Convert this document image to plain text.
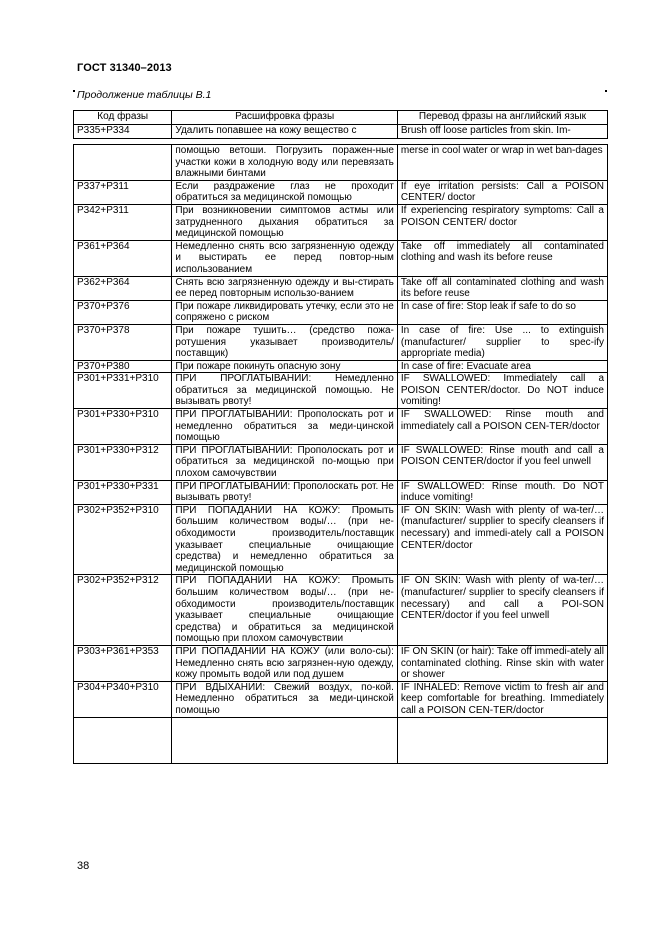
ГОСТ 31340–2013
Продолжение таблицы В.1
Код фразы	Расшифровка фразы	Перевод фразы на английский язык
P335+P334	Удалить попавшее на кожу вещество с	Brush off loose particles from skin. Im-
	помощью ветоши. Погрузить поражен-ные участки кожи в холодную воду или перевязать влажными бинтами	merse in cool water or wrap in wet ban-dages
P337+P311	Если раздражение глаз не проходит обратиться за медицинской помощью	If eye irritation persists: Call a POISON CENTER/ doctor
P342+P311	При возникновении симптомов астмы или затрудненного дыхания обратиться за медицинской помощью	If experiencing respiratory symptoms: Call a POISON CENTER/ doctor
P361+P364	Немедленно снять всю загрязненную одежду и выстирать ее перед повтор-ным использованием	Take off immediately all contaminated clothing and wash its before reuse
P362+P364	Снять всю загрязненную одежду и вы-стирать ее перед повторным использо-ванием	Take off all contaminated clothing and wash its before reuse
P370+P376	При пожаре ликвидировать утечку, если это не сопряжено с риском	In case of fire: Stop leak if safe to do so
P370+P378	При пожаре тушить… (средство пожа-ротушения указывает производитель/ поставщик)	In case of fire: Use ... to extinguish (manufacturer/ supplier to spec-ify appropriate media)
P370+P380	При пожаре покинуть опасную зону	In case of fire: Evacuate area
P301+P331+P310	ПРИ ПРОГЛАТЫВАНИИ: Немедленно обратиться за медицинской помощью. Не вызывать рвоту!	IF SWALLOWED: Immediately call a POISON CENTER/doctor. Do NOT induce vomiting!
P301+P330+P310	ПРИ ПРОГЛАТЫВАНИИ: Прополоскать рот и немедленно обратиться за меди-цинской помощью	IF SWALLOWED: Rinse mouth and immediately call a POISON CEN-TER/doctor
P301+P330+P312	ПРИ ПРОГЛАТЫВАНИИ: Прополоскать рот и обратиться за медицинской по-мощью при плохом самочувствии	IF SWALLOWED: Rinse mouth and call a POISON CENTER/doctor if you feel unwell
P301+P330+P331	ПРИ ПРОГЛАТЫВАНИИ: Прополоскать рот. Не вызывать рвоту!	IF SWALLOWED: Rinse mouth. Do NOT induce vomiting!
P302+P352+P310	ПРИ ПОПАДАНИИ НА КОЖУ: Промыть большим количеством воды/… (при не-обходимости производитель/поставщик указывает специальные очищающие средства) и немедленно обратиться за медицинской помощью	IF ON SKIN: Wash with plenty of wa-ter/… (manufacturer/ supplier to specify cleansers if necessary) and immedi-ately call a POISON CENTER/doctor
P302+P352+P312	ПРИ ПОПАДАНИИ НА КОЖУ: Промыть большим количеством воды/… (при не-обходимости производитель/поставщик указывает специальные очищающие средства) и обратиться за медицинской помощью при плохом самочувствии	IF ON SKIN: Wash with plenty of wa-ter/… (manufacturer/ supplier to specify cleansers if necessary) and call a POI-SON CENTER/doctor if you feel unwell
P303+P361+P353	ПРИ ПОПАДАНИИ НА КОЖУ (или воло-сы): Немедленно снять всю загрязнен-ную одежду, кожу промыть водой или под душем	IF ON SKIN (or hair): Take off immedi-ately all contaminated clothing. Rinse skin with water or shower
P304+P340+P310	ПРИ ВДЫХАНИИ: Свежий воздух, по-кой. Немедленно обратиться за меди-цинской помощью	IF INHALED: Remove victim to fresh air and keep comfortable for breathing. Immediately call a POISON CEN-TER/doctor

38
